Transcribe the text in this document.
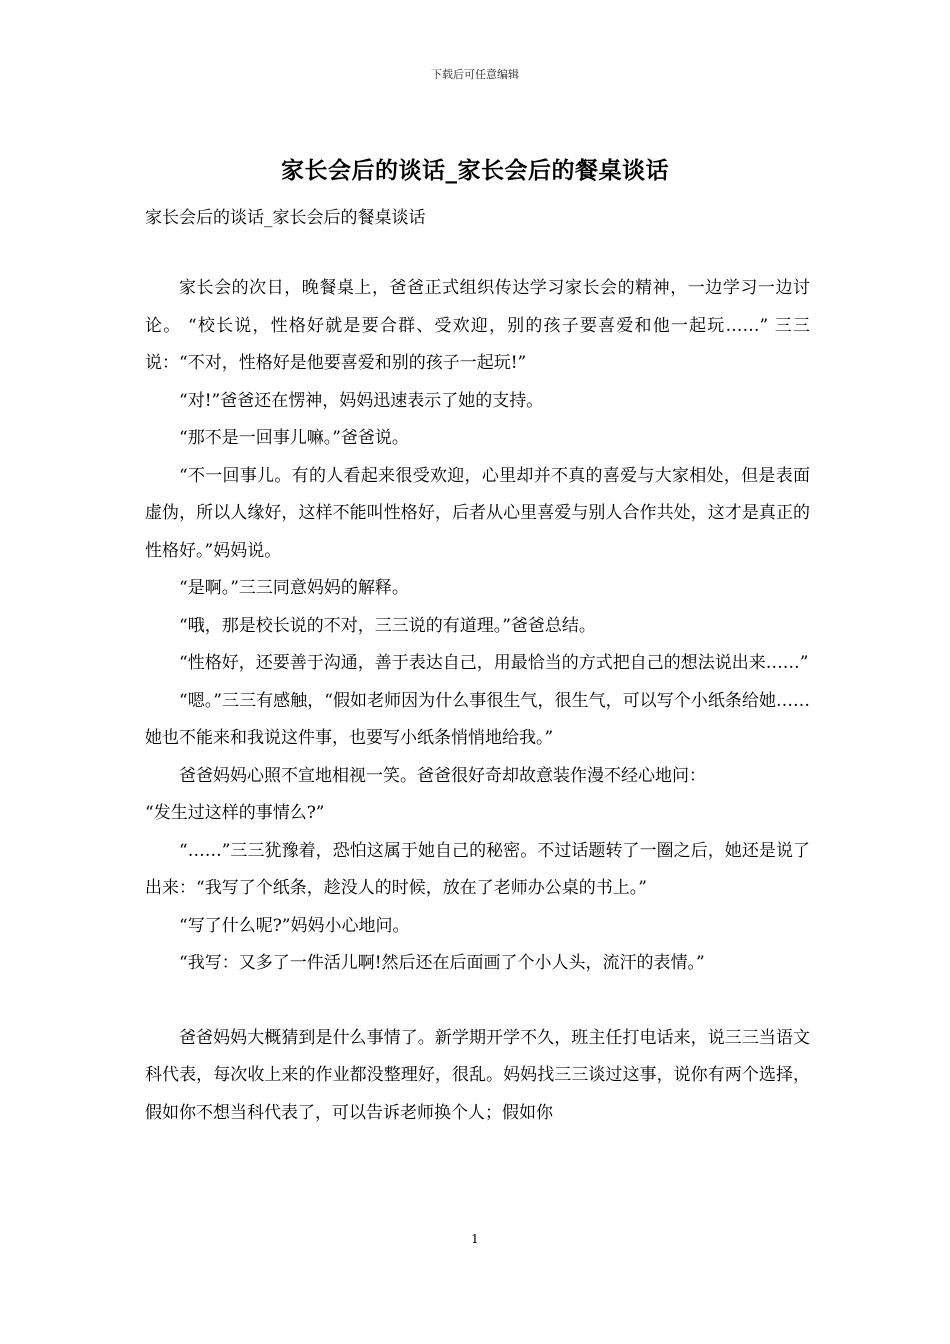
下载后可任意编辑
家长会后的谈话_家长会后的餐桌谈话
家长会后的谈话_家长会后的餐桌谈话

家长会的次日，晚餐桌上，爸爸正式组织传达学习家长会的精神，一边学习一边讨论。 “校长说，性格好就是要合群、受欢迎，别的孩子要喜爱和他一起玩……” 三三说：“不对，性格好是他要喜爱和别的孩子一起玩!”

“对!”爸爸还在愣神，妈妈迅速表示了她的支持。

“那不是一回事儿嘛。”爸爸说。

“不一回事儿。有的人看起来很受欢迎，心里却并不真的喜爱与大家相处，但是表面虚伪，所以人缘好，这样不能叫性格好，后者从心里喜爱与别人合作共处，这才是真正的性格好。”妈妈说。

“是啊。”三三同意妈妈的解释。

“哦，那是校长说的不对，三三说的有道理。”爸爸总结。

“性格好，还要善于沟通，善于表达自己，用最恰当的方式把自己的想法说出来……”

“嗯。”三三有感触，“假如老师因为什么事很生气，很生气，可以写个小纸条给她……她也不能来和我说这件事，也要写小纸条悄悄地给我。”

爸爸妈妈心照不宣地相视一笑。爸爸很好奇却故意装作漫不经心地问：

“发生过这样的事情么?”

“……”三三犹豫着，恐怕这属于她自己的秘密。不过话题转了一圈之后，她还是说了出来：“我写了个纸条，趁没人的时候，放在了老师办公桌的书上。”

“写了什么呢?”妈妈小心地问。

“我写：又多了一件活儿啊!然后还在后面画了个小人头，流汗的表情。”

爸爸妈妈大概猜到是什么事情了。新学期开学不久，班主任打电话来，说三三当语文科代表，每次收上来的作业都没整理好，很乱。妈妈找三三谈过这事，说你有两个选择，假如你不想当科代表了，可以告诉老师换个人；假如你

1
